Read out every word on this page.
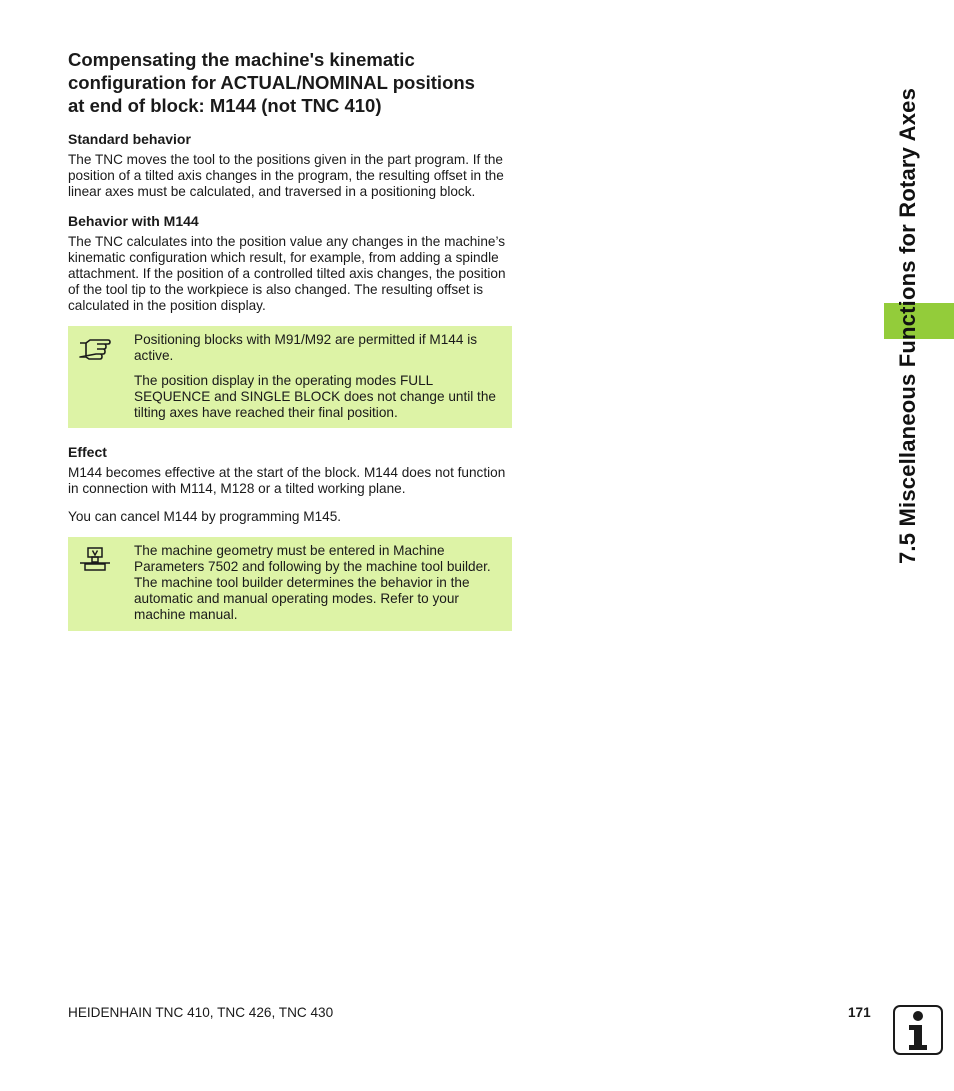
7.5 Miscellaneous Functions for Rotary Axes
Compensating the machine's kinematic
configuration for ACTUAL/NOMINAL positions
at end of block: M144 (not TNC 410)
Standard behavior

The TNC moves the tool to the positions given in the part program. If the position of a tilted axis changes in the program, the resulting offset in the linear axes must be calculated, and traversed in a positioning block.

Behavior with M144

The TNC calculates into the position value any changes in the machine’s kinematic configuration which result, for example, from adding a spindle attachment. If the position of a controlled tilted axis changes, the position of the tool tip to the workpiece is also changed. The resulting offset is calculated in the position display.

Positioning blocks with M91/M92 are permitted if M144 is active.

The position display in the operating modes FULL SEQUENCE and SINGLE BLOCK does not change until the tilting axes have reached their final position.

Effect

M144 becomes effective at the start of the block. M144 does not function in connection with M114, M128 or a tilted working plane.

You can cancel M144 by programming M145.

The machine geometry must be entered in Machine Parameters 7502 and following by the machine tool builder. The machine tool builder determines the behavior in the automatic and manual operating modes. Refer to your machine manual.

HEIDENHAIN TNC 410, TNC 426, TNC 430	171
